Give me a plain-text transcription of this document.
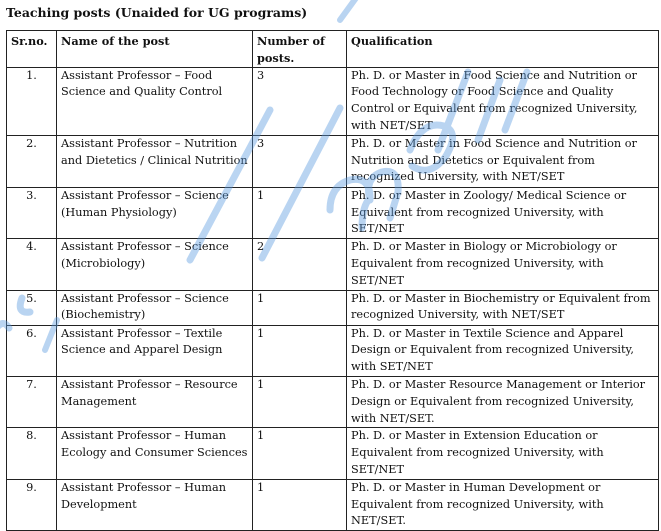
Teaching posts (Unaided for UG programs)
Sr.no.	Name of the post	Number of posts.	Qualification
1.	Assistant Professor – Food Science and Quality Control	3	Ph. D. or Master in Food Science and Nutrition or Food Technology or Food Science and Quality Control or Equivalent from recognized University, with NET/SET
2.	Assistant Professor – Nutrition and Dietetics / Clinical Nutrition	3	Ph. D. or Master in Food Science and Nutrition or Nutrition and Dietetics or Equivalent from recognized University, with NET/SET
3.	Assistant Professor – Science (Human Physiology)	1	Ph. D. or Master in Zoology/ Medical Science or Equivalent from recognized University, with SET/NET
4.	Assistant Professor – Science (Microbiology)	2	Ph. D. or Master in Biology or Microbiology or Equivalent from recognized University, with SET/NET
5.	Assistant Professor – Science (Biochemistry)	1	Ph. D. or Master in Biochemistry or Equivalent from recognized University, with NET/SET
6.	Assistant Professor – Textile Science and Apparel Design	1	Ph. D. or Master in Textile Science and Apparel Design or Equivalent from recognized University, with SET/NET
7.	Assistant Professor – Resource Management	1	Ph. D. or Master Resource Management or Interior Design or Equivalent from recognized University, with NET/SET.
8.	Assistant Professor – Human Ecology and Consumer Sciences	1	Ph. D. or Master in Extension Education or Equivalent from recognized University, with SET/NET
9.	Assistant Professor – Human Development	1	Ph. D. or Master in Human Development or Equivalent from recognized University, with NET/SET.
